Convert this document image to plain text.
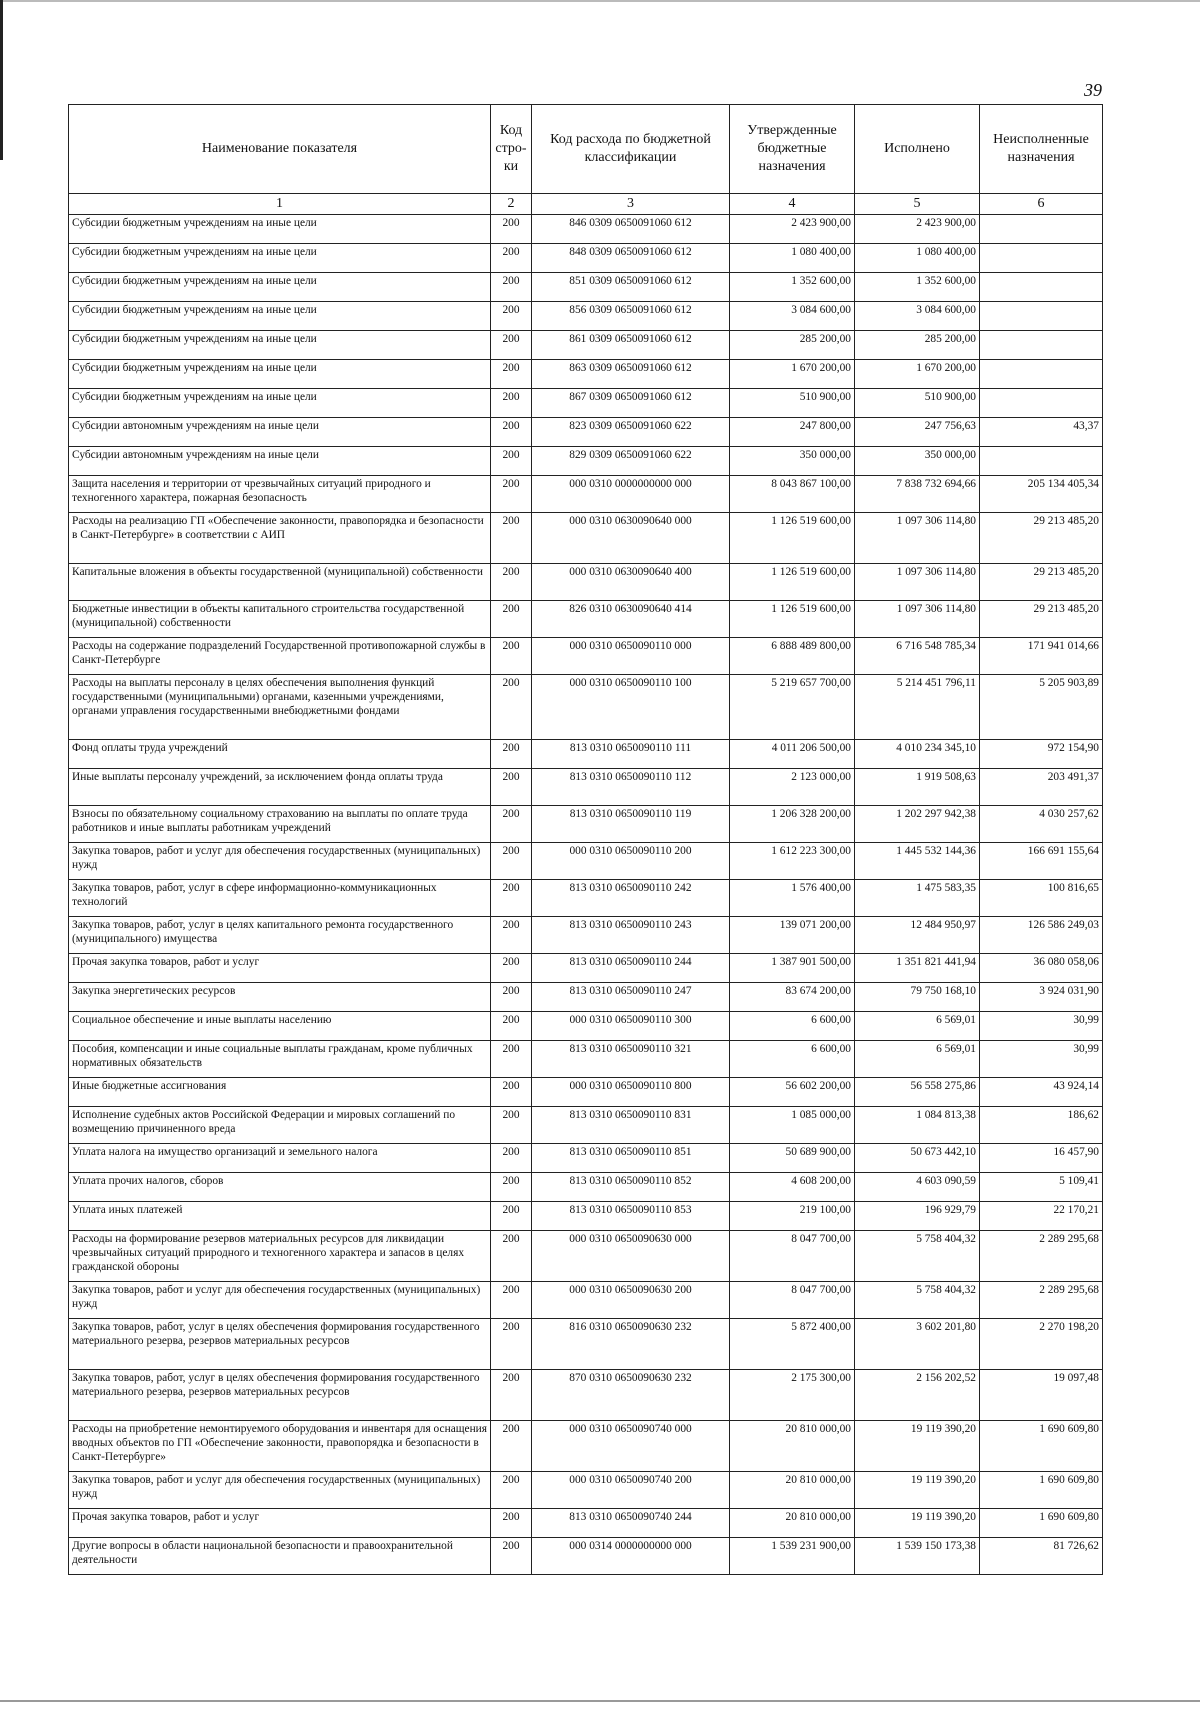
39
Наименование показателя	Код стро-ки	Код расхода по бюджетной классификации	Утвержденные бюджетные назначения	Исполнено	Неисполненные назначения
1	2	3	4	5	6
Субсидии бюджетным учреждениям на иные цели	200	846 0309 0650091060 612	2 423 900,00	2 423 900,00	
Субсидии бюджетным учреждениям на иные цели	200	848 0309 0650091060 612	1 080 400,00	1 080 400,00	
Субсидии бюджетным учреждениям на иные цели	200	851 0309 0650091060 612	1 352 600,00	1 352 600,00	
Субсидии бюджетным учреждениям на иные цели	200	856 0309 0650091060 612	3 084 600,00	3 084 600,00	
Субсидии бюджетным учреждениям на иные цели	200	861 0309 0650091060 612	285 200,00	285 200,00	
Субсидии бюджетным учреждениям на иные цели	200	863 0309 0650091060 612	1 670 200,00	1 670 200,00	
Субсидии бюджетным учреждениям на иные цели	200	867 0309 0650091060 612	510 900,00	510 900,00	
Субсидии автономным учреждениям на иные цели	200	823 0309 0650091060 622	247 800,00	247 756,63	43,37
Субсидии автономным учреждениям на иные цели	200	829 0309 0650091060 622	350 000,00	350 000,00	
Защита населения и территории от чрезвычайных ситуаций природного и техногенного характера, пожарная безопасность	200	000 0310 0000000000 000	8 043 867 100,00	7 838 732 694,66	205 134 405,34
Расходы на реализацию ГП «Обеспечение законности, правопорядка и безопасности в Санкт-Петербурге» в соответствии с АИП	200	000 0310 0630090640 000	1 126 519 600,00	1 097 306 114,80	29 213 485,20
Капитальные вложения в объекты государственной (муниципальной) собственности	200	000 0310 0630090640 400	1 126 519 600,00	1 097 306 114,80	29 213 485,20
Бюджетные инвестиции в объекты капитального строительства государственной (муниципальной) собственности	200	826 0310 0630090640 414	1 126 519 600,00	1 097 306 114,80	29 213 485,20
Расходы на содержание подразделений Государственной противопожарной службы в Санкт-Петербурге	200	000 0310 0650090110 000	6 888 489 800,00	6 716 548 785,34	171 941 014,66
Расходы на выплаты персоналу в целях обеспечения выполнения функций государственными (муниципальными) органами, казенными учреждениями, органами управления государственными внебюджетными фондами	200	000 0310 0650090110 100	5 219 657 700,00	5 214 451 796,11	5 205 903,89
Фонд оплаты труда учреждений	200	813 0310 0650090110 111	4 011 206 500,00	4 010 234 345,10	972 154,90
Иные выплаты персоналу учреждений, за исключением фонда оплаты труда	200	813 0310 0650090110 112	2 123 000,00	1 919 508,63	203 491,37
Взносы по обязательному социальному страхованию на выплаты по оплате труда работников и иные выплаты работникам учреждений	200	813 0310 0650090110 119	1 206 328 200,00	1 202 297 942,38	4 030 257,62
Закупка товаров, работ и услуг для обеспечения государственных (муниципальных) нужд	200	000 0310 0650090110 200	1 612 223 300,00	1 445 532 144,36	166 691 155,64
Закупка товаров, работ, услуг в сфере информационно-коммуникационных технологий	200	813 0310 0650090110 242	1 576 400,00	1 475 583,35	100 816,65
Закупка товаров, работ, услуг в целях капитального ремонта государственного (муниципального) имущества	200	813 0310 0650090110 243	139 071 200,00	12 484 950,97	126 586 249,03
Прочая закупка товаров, работ и услуг	200	813 0310 0650090110 244	1 387 901 500,00	1 351 821 441,94	36 080 058,06
Закупка энергетических ресурсов	200	813 0310 0650090110 247	83 674 200,00	79 750 168,10	3 924 031,90
Социальное обеспечение и иные выплаты населению	200	000 0310 0650090110 300	6 600,00	6 569,01	30,99
Пособия, компенсации и иные социальные выплаты гражданам, кроме публичных нормативных обязательств	200	813 0310 0650090110 321	6 600,00	6 569,01	30,99
Иные бюджетные ассигнования	200	000 0310 0650090110 800	56 602 200,00	56 558 275,86	43 924,14
Исполнение судебных актов Российской Федерации и мировых соглашений по возмещению причиненного вреда	200	813 0310 0650090110 831	1 085 000,00	1 084 813,38	186,62
Уплата налога на имущество организаций и земельного налога	200	813 0310 0650090110 851	50 689 900,00	50 673 442,10	16 457,90
Уплата прочих налогов, сборов	200	813 0310 0650090110 852	4 608 200,00	4 603 090,59	5 109,41
Уплата иных платежей	200	813 0310 0650090110 853	219 100,00	196 929,79	22 170,21
Расходы на формирование резервов материальных ресурсов для ликвидации чрезвычайных ситуаций природного и техногенного характера и запасов в целях гражданской обороны	200	000 0310 0650090630 000	8 047 700,00	5 758 404,32	2 289 295,68
Закупка товаров, работ и услуг для обеспечения государственных (муниципальных) нужд	200	000 0310 0650090630 200	8 047 700,00	5 758 404,32	2 289 295,68
Закупка товаров, работ, услуг в целях обеспечения формирования государственного материального резерва, резервов материальных ресурсов	200	816 0310 0650090630 232	5 872 400,00	3 602 201,80	2 270 198,20
Закупка товаров, работ, услуг в целях обеспечения формирования государственного материального резерва, резервов материальных ресурсов	200	870 0310 0650090630 232	2 175 300,00	2 156 202,52	19 097,48
Расходы на приобретение немонтируемого оборудования и инвентаря для оснащения вводных объектов по ГП «Обеспечение законности, правопорядка и безопасности в Санкт-Петербурге»	200	000 0310 0650090740 000	20 810 000,00	19 119 390,20	1 690 609,80
Закупка товаров, работ и услуг для обеспечения государственных (муниципальных) нужд	200	000 0310 0650090740 200	20 810 000,00	19 119 390,20	1 690 609,80
Прочая закупка товаров, работ и услуг	200	813 0310 0650090740 244	20 810 000,00	19 119 390,20	1 690 609,80
Другие вопросы в области национальной безопасности и правоохранительной деятельности	200	000 0314 0000000000 000	1 539 231 900,00	1 539 150 173,38	81 726,62
